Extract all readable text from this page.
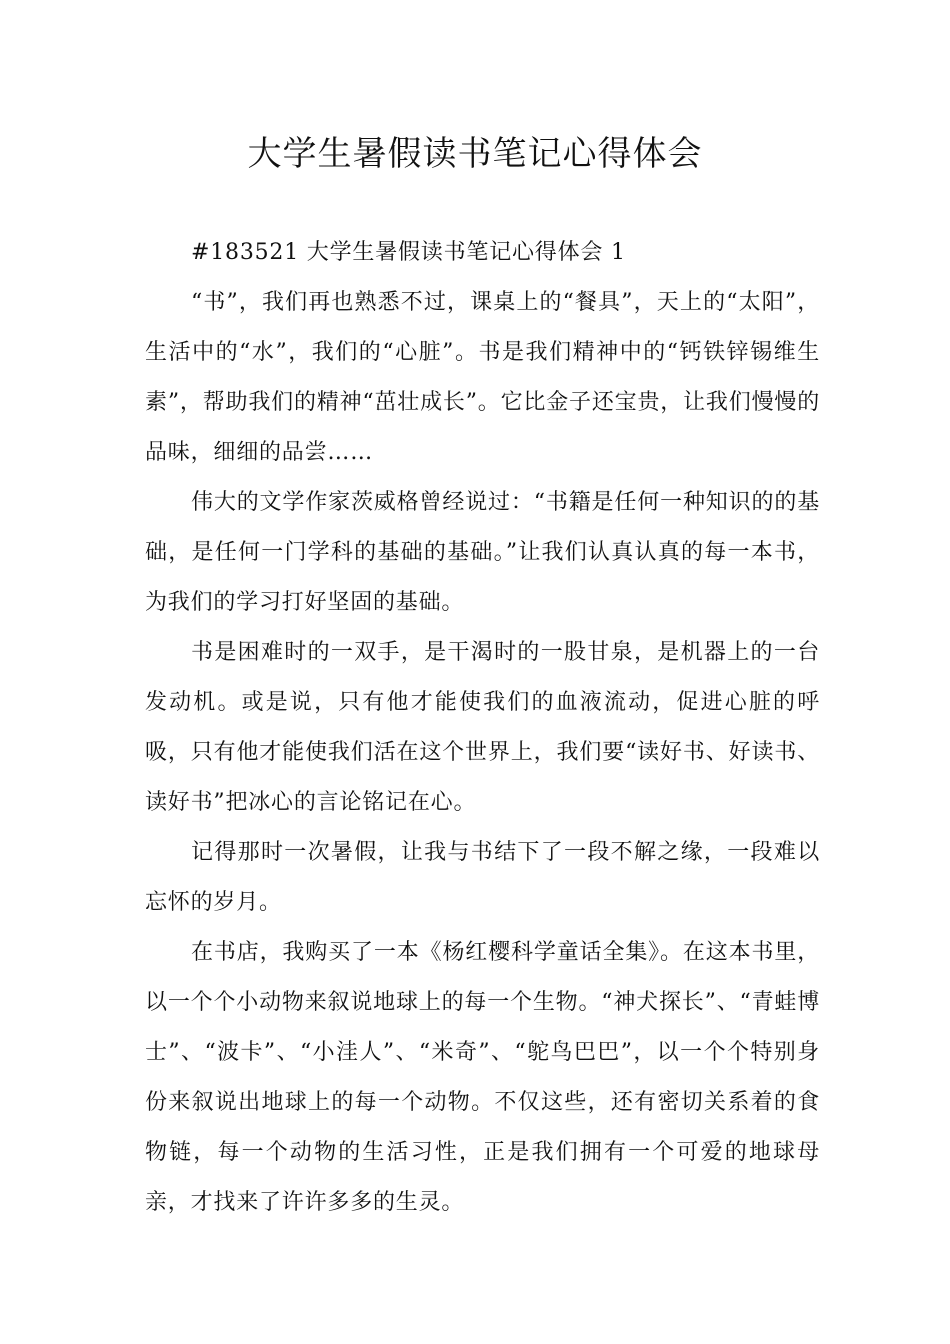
大学生暑假读书笔记心得体会

#183521 大学生暑假读书笔记心得体会 1

“书”，我们再也熟悉不过，课桌上的“餐具”，天上的“太阳”，生活中的“水”，我们的“心脏”。书是我们精神中的“钙铁锌锡维生素”，帮助我们的精神“茁壮成长”。它比金子还宝贵，让我们慢慢的品味，细细的品尝……

伟大的文学作家茨威格曾经说过：“书籍是任何一种知识的的基础，是任何一门学科的基础的基础。”让我们认真认真的每一本书，为我们的学习打好坚固的基础。

书是困难时的一双手，是干渴时的一股甘泉，是机器上的一台发动机。或是说，只有他才能使我们的血液流动，促进心脏的呼吸，只有他才能使我们活在这个世界上，我们要“读好书、好读书、读好书”把冰心的言论铭记在心。

记得那时一次暑假，让我与书结下了一段不解之缘，一段难以忘怀的岁月。

在书店，我购买了一本《杨红樱科学童话全集》。在这本书里，以一个个小动物来叙说地球上的每一个生物。“神犬探长”、“青蛙博士”、“波卡”、“小洼人”、“米奇”、“鸵鸟巴巴”，以一个个特别身份来叙说出地球上的每一个动物。不仅这些，还有密切关系着的食物链，每一个动物的生活习性，正是我们拥有一个可爱的地球母亲，才找来了许许多多的生灵。
